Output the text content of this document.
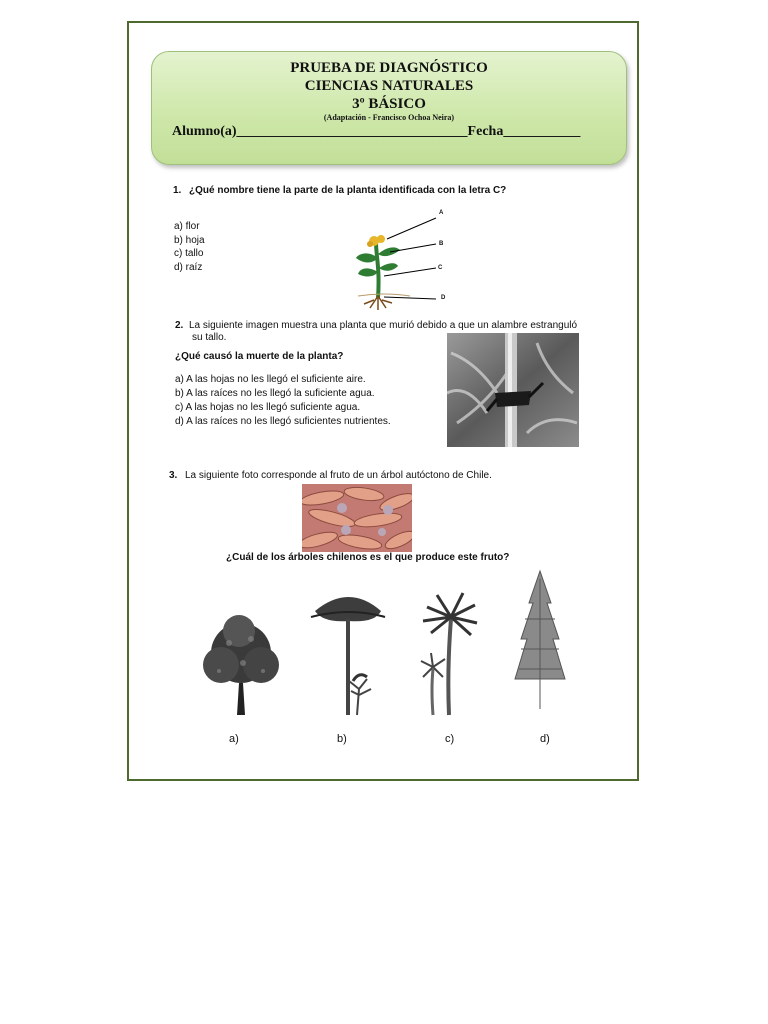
PRUEBA DE DIAGNÓSTICO
CIENCIAS NATURALES
3º BÁSICO
(Adaptación - Francisco Ochoa Neira)
Alumno(a)_________________________________Fecha___________
1. ¿Qué nombre tiene la parte de la planta identificada con la letra C?
a) flor
b) hoja
c) tallo
d) raíz
A
B
C
D
2. La siguiente imagen muestra una planta que murió debido a que un alambre estranguló
su tallo.
¿Qué causó la muerte de la planta?
a) A las hojas no les llegó el suficiente aire.
b) A las raíces no les llegó la suficiente agua.
c) A las hojas no les llegó suficiente agua.
d) A las raíces no les llegó suficientes nutrientes.
3. La siguiente foto corresponde al fruto de un árbol autóctono de Chile.
¿Cuál de los árboles chilenos es el que produce este fruto?
a)	b)	c)	d)
